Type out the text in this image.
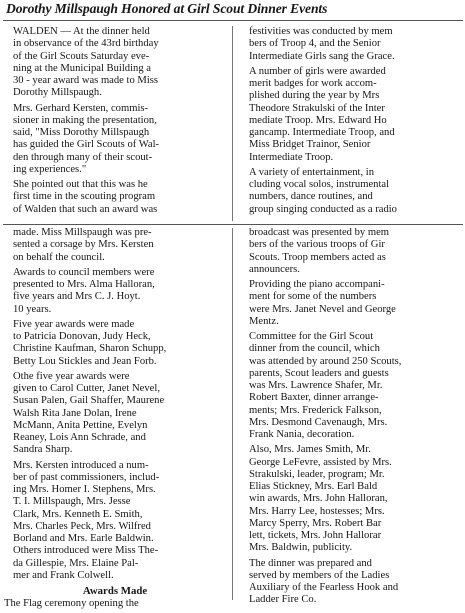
Dorothy Millspaugh Honored at Girl Scout Dinner Events

WALDEN — At the dinner held
in observance of the 43rd birthday
of the Girl Scouts Saturday eve-
ning at the Municipal Building a
30 - year award was made to Miss
Dorothy Millspaugh.

Mrs. Gerhard Kersten, commis-
sioner in making the presentation,
said, "Miss Dorothy Millspaugh
has guided the Girl Scouts of Wal-
den through many of their scout-
ing experiences."

She pointed out that this was he
first time in the scouting program
of Walden that such an award was

festivities was conducted by mem
bers of Troop 4, and the Senior
Intermediate Girls sang the Grace.

A number of girls were awarded
merit badges for work accom-
plished during the year by Mrs
Theodore Strakulski of the Inter
mediate Troop. Mrs. Edward Ho
gancamp. Intermediate Troop, and
Miss Bridget Trainor, Senior
Intermediate Troop.

A variety of entertainment, in
cluding vocal solos, instrumental
numbers, dance routines, and
group singing conducted as a radio

made. Miss Millspaugh was pre-
sented a corsage by Mrs. Kersten
on behalf the council.

Awards to council members were
presented to Mrs. Alma Halloran,
five years and Mrs C. J. Hoyt.
10 years.

Five year awards were made
to Patricia Donovan, Judy Heck,
Christine Kaufman, Sharon Schupp,
Betty Lou Stickles and Jean Forb.

Othe five year awards were
given to Carol Cutter, Janet Nevel,
Susan Palen, Gail Shaffer, Maurene
Walsh Rita Jane Dolan, Irene
McMann, Anita Pettine, Evelyn
Reaney, Lois Ann Schrade, and
Sandra Sharp.

Mrs. Kersten introduced a num-
ber of past commissioners, includ-
ing Mrs. Homer I. Stephens, Mrs.
T. I. Millspaugh, Mrs. Jesse
Clark, Mrs. Kenneth E. Smith,
Mrs. Charles Peck, Mrs. Wilfred
Borland and Mrs. Earle Baldwin.
Others introduced were Miss The-
da Gillespie, Mrs. Elaine Pal-
mer and Frank Colwell.

Awards Made

The Flag ceremony opening the

broadcast was presented by mem
bers of the various troops of Gir
Scouts. Troop members acted as
announcers.

Providing the piano accompani-
ment for some of the numbers
were Mrs. Janet Nevel and George
Mentz.

Committee for the Girl Scout
dinner from the council, which
was attended by around 250 Scouts,
parents, Scout leaders and guests
was Mrs. Lawrence Shafer, Mr.
Robert Baxter, dinner arrange-
ments; Mrs. Frederick Falkson,
Mrs. Desmond Cavenaugh, Mrs.
Frank Nania, decoration.

Also, Mrs. James Smith, Mr.
George LeFevre, assisted by Mrs.
Strakulski, leader, program; Mr.
Elias Stickney, Mrs. Earl Bald
win awards, Mrs. John Halloran,
Mrs. Harry Lee, hostesses; Mrs.
Marcy Sperry, Mrs. Robert Bar
lett, tickets, Mrs. John Hallorar
Mrs. Baldwin, publicity.

The dinner was prepared and
served by members of the Ladies
Auxiliary of the Fearless Hook and
Ladder Fire Co.
